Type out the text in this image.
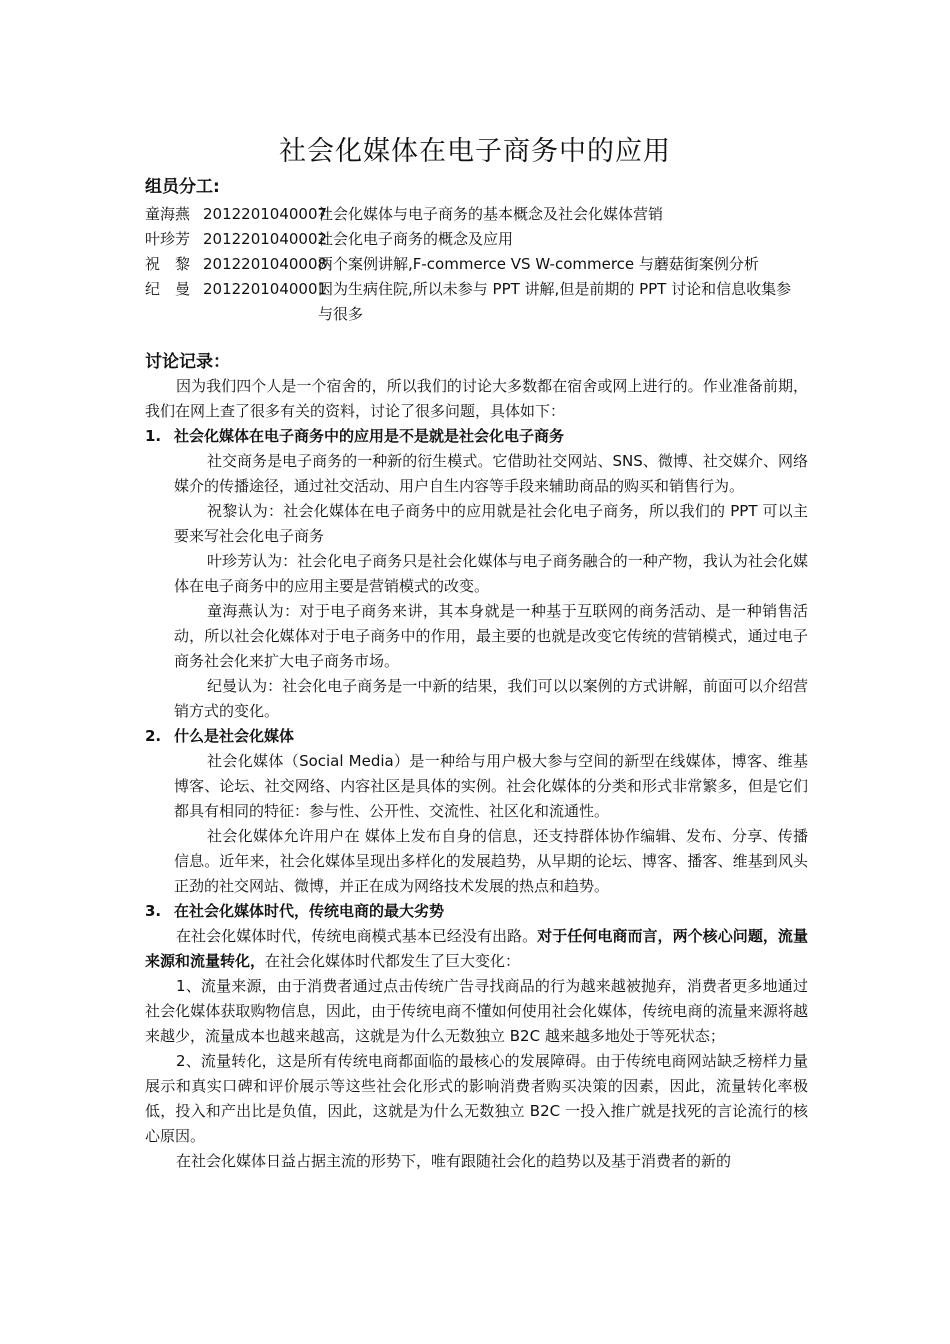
社会化媒体在电子商务中的应用
组员分工:
童海燕 2012201040007
社会化媒体与电子商务的基本概念及社会化媒体营销
叶珍芳 2012201040002
社会化电子商务的概念及应用
祝　黎 2012201040008
两个案例讲解,F-commerce VS W-commerce 与蘑菇街案例分析
纪　曼 2012201040001
因为生病住院,所以未参与 PPT 讲解,但是前期的 PPT 讨论和信息收集参与很多
讨论记录：

因为我们四个人是一个宿舍的，所以我们的讨论大多数都在宿舍或网上进行的。作业准备前期，我们在网上查了很多有关的资料，讨论了很多问题，具体如下：

1. 社会化媒体在电子商务中的应用是不是就是社会化电子商务

社交商务是电子商务的一种新的衍生模式。它借助社交网站、SNS、微博、社交媒介、网络媒介的传播途径，通过社交活动、用户自生内容等手段来辅助商品的购买和销售行为。

祝黎认为：社会化媒体在电子商务中的应用就是社会化电子商务，所以我们的 PPT 可以主要来写社会化电子商务

叶珍芳认为：社会化电子商务只是社会化媒体与电子商务融合的一种产物，我认为社会化媒体在电子商务中的应用主要是营销模式的改变。

童海燕认为：对于电子商务来讲，其本身就是一种基于互联网的商务活动、是一种销售活动，所以社会化媒体对于电子商务中的作用，最主要的也就是改变它传统的营销模式，通过电子商务社会化来扩大电子商务市场。

纪曼认为：社会化电子商务是一中新的结果，我们可以以案例的方式讲解，前面可以介绍营销方式的变化。

2. 什么是社会化媒体

社会化媒体（Social Media）是一种给与用户极大参与空间的新型在线媒体，博客、维基博客、论坛、社交网络、内容社区是具体的实例。社会化媒体的分类和形式非常繁多，但是它们都具有相同的特征：参与性、公开性、交流性、社区化和流通性。

社会化媒体允许用户在 媒体上发布自身的信息，还支持群体协作编辑、发布、分享、传播信息。近年来，社会化媒体呈现出多样化的发展趋势，从早期的论坛、博客、播客、维基到风头正劲的社交网站、微博，并正在成为网络技术发展的热点和趋势。

3. 在社会化媒体时代，传统电商的最大劣势

在社会化媒体时代，传统电商模式基本已经没有出路。对于任何电商而言，两个核心问题，流量来源和流量转化，在社会化媒体时代都发生了巨大变化：

1、流量来源，由于消费者通过点击传统广告寻找商品的行为越来越被抛弃，消费者更多地通过社会化媒体获取购物信息，因此，由于传统电商不懂如何使用社会化媒体，传统电商的流量来源将越来越少，流量成本也越来越高，这就是为什么无数独立 B2C 越来越多地处于等死状态；

2、流量转化，这是所有传统电商都面临的最核心的发展障碍。由于传统电商网站缺乏榜样力量展示和真实口碑和评价展示等这些社会化形式的影响消费者购买决策的因素，因此，流量转化率极低，投入和产出比是负值，因此，这就是为什么无数独立 B2C 一投入推广就是找死的言论流行的核心原因。

在社会化媒体日益占据主流的形势下，唯有跟随社会化的趋势以及基于消费者的新的
